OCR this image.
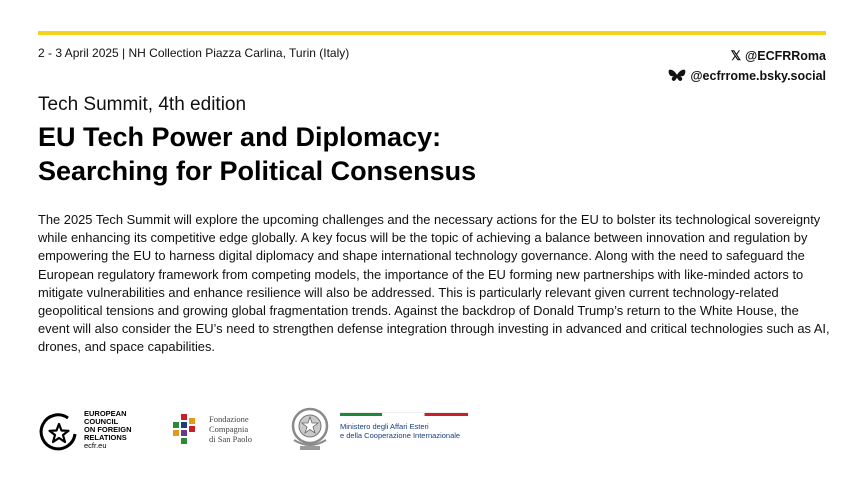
2 - 3 April 2025 | NH Collection Piazza Carlina, Turin (Italy)	𝕏 @ECFRRoma
@ecfrrome.bsky.social
Tech Summit, 4th edition
EU Tech Power and Diplomacy:
Searching for Political Consensus
The 2025 Tech Summit will explore the upcoming challenges and the necessary actions for the EU to bolster its technological sovereignty while enhancing its competitive edge globally. A key focus will be the topic of achieving a balance between innovation and regulation by empowering the EU to harness digital diplomacy and shape international technology governance. Along with the need to safeguard the European regulatory framework from competing models, the importance of the EU forming new partnerships with like-minded actors to mitigate vulnerabilities and enhance resilience will also be addressed. This is particularly relevant given current technology-related geopolitical tensions and growing global fragmentation trends. Against the backdrop of Donald Trump’s return to the White House, the event will also consider the EU’s need to strengthen defense integration through investing in advanced and critical technologies such as AI, drones, and space capabilities.
EUROPEAN
COUNCIL
ON FOREIGN
RELATIONS
ecfr.eu
Fondazione
Compagnia
di San Paolo
Ministero degli Affari Esteri
e della Cooperazione Internazionale
